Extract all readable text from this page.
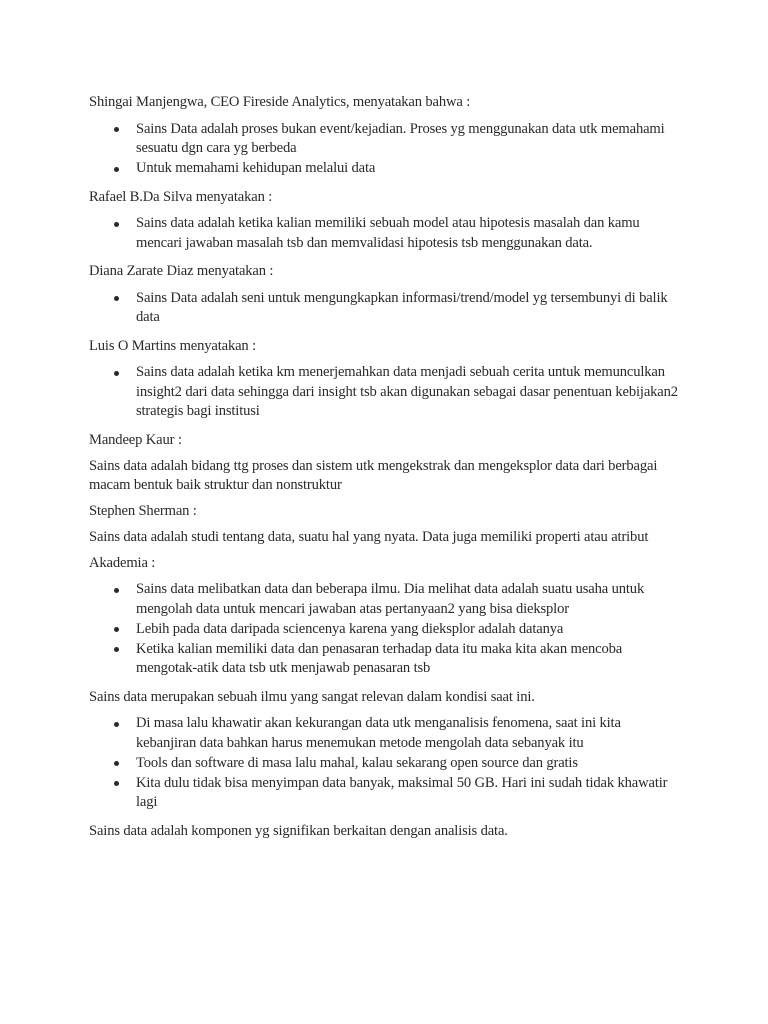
Shingai Manjengwa, CEO Fireside Analytics, menyatakan bahwa :

Sains Data adalah proses bukan event/kejadian. Proses yg menggunakan data utk memahami sesuatu dgn cara yg berbeda
Untuk memahami kehidupan melalui data

Rafael B.Da Silva menyatakan :

Sains data adalah ketika kalian memiliki sebuah model atau hipotesis masalah dan kamu mencari jawaban masalah tsb dan memvalidasi hipotesis tsb menggunakan data.

Diana Zarate Diaz menyatakan :

Sains Data adalah seni untuk mengungkapkan informasi/trend/model yg tersembunyi di balik data

Luis O Martins menyatakan :

Sains data adalah ketika km menerjemahkan data menjadi sebuah cerita untuk memunculkan insight2 dari data sehingga dari insight tsb akan digunakan sebagai dasar penentuan kebijakan2 strategis bagi institusi

Mandeep Kaur :

Sains data adalah bidang ttg proses dan sistem utk mengekstrak dan mengeksplor data dari berbagai macam bentuk baik struktur dan nonstruktur

Stephen Sherman :

Sains data adalah studi tentang data, suatu hal yang nyata. Data juga memiliki properti atau atribut

Akademia :

Sains data melibatkan data dan beberapa ilmu. Dia melihat data adalah suatu usaha untuk mengolah data untuk mencari jawaban atas pertanyaan2 yang bisa dieksplor
Lebih pada data daripada sciencenya karena yang dieksplor adalah datanya
Ketika kalian memiliki data dan penasaran terhadap data itu maka kita akan mencoba mengotak-atik data tsb utk menjawab penasaran tsb

Sains data merupakan sebuah ilmu yang sangat relevan dalam kondisi saat ini.

Di masa lalu khawatir akan kekurangan data utk menganalisis fenomena, saat ini kita kebanjiran data bahkan harus menemukan metode mengolah data sebanyak itu
Tools dan software di masa lalu mahal, kalau sekarang open source dan gratis
Kita dulu tidak bisa menyimpan data banyak, maksimal 50 GB. Hari ini sudah tidak khawatir lagi

Sains data adalah komponen yg signifikan berkaitan dengan analisis data.
